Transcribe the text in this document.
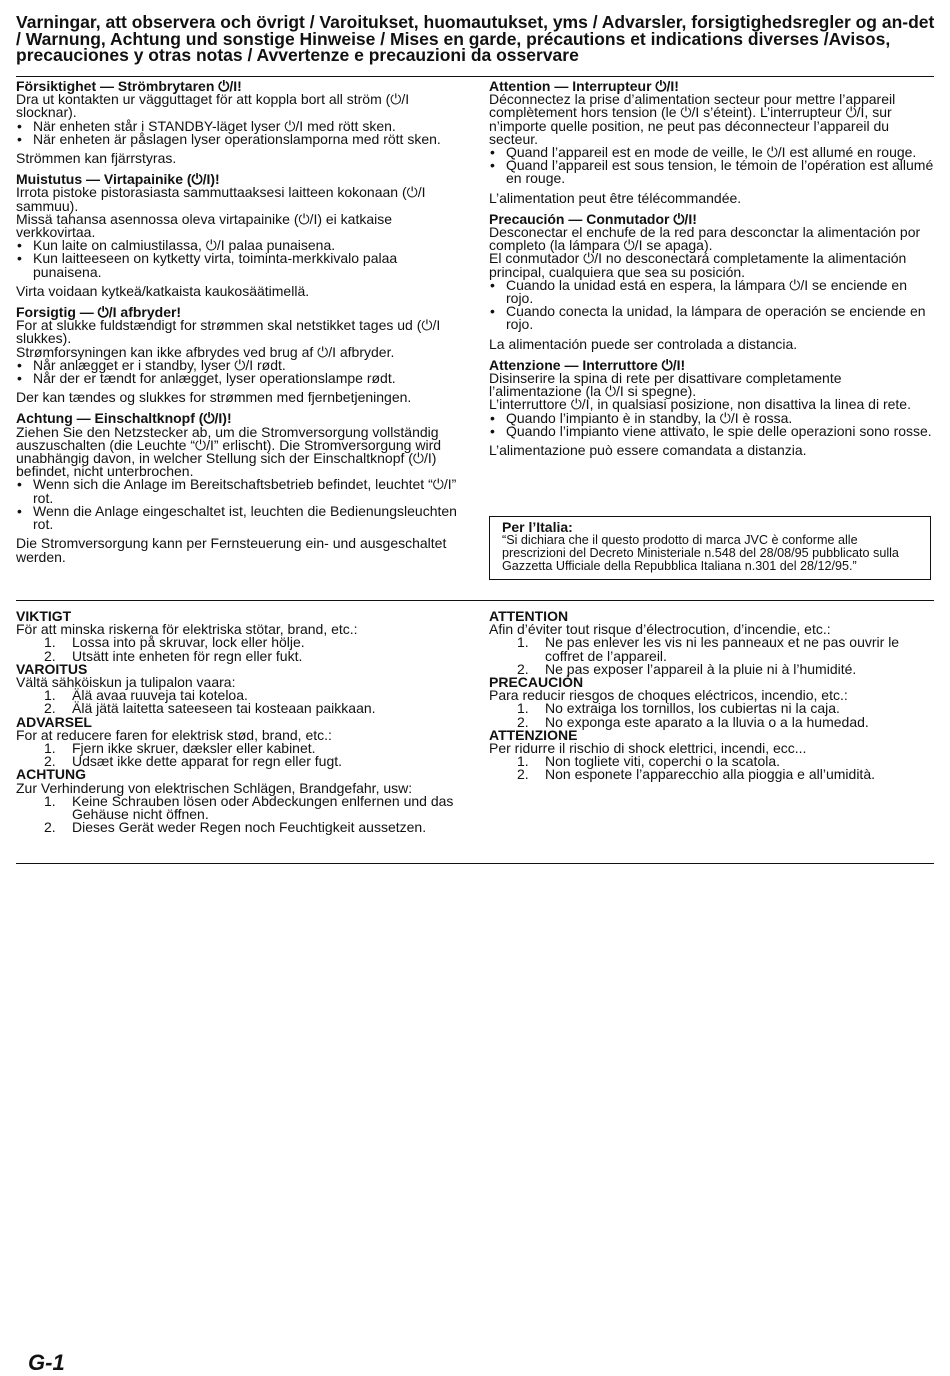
Varningar, att observera och övrigt / Varoitukset, huomautukset, yms / Advarsler, forsigtighedsregler og an-det / Warnung, Achtung und sonstige Hinweise / Mises en garde, précautions et indications diverses /Avisos, precauciones y otras notas / Avvertenze e precauzioni da osservare
Försiktighet — Strömbrytaren ⏻/I!
Dra ut kontakten ur vägguttaget för att koppla bort all ström (⏻/I slocknar).
• När enheten står i STANDBY-läget lyser ⏻/I med rött sken.
• När enheten är påslagen lyser operationslamporna med rött sken.
Strömmen kan fjärrstyras.
Muistutus — Virtapainike (⏻/I)!
Irrota pistoke pistorasiasta sammuttaaksesi laitteen kokonaan (⏻/I sammuu).
Missä tahansa asennossa oleva virtapainike (⏻/I) ei katkaise verkkovirtaa.
• Kun laite on calmiustilassa, ⏻/I palaa punaisena.
• Kun laitteeseen on kytketty virta, toiminta-merkkivalo palaa punaisena.
Virta voidaan kytkeä/katkaista kaukosäätimellä.
Forsigtig — ⏻/I afbryder!
For at slukke fuldstændigt for strømmen skal netstikket tages ud (⏻/I slukkes).
Strømforsyningen kan ikke afbrydes ved brug af ⏻/I afbryder.
• Når anlægget er i standby, lyser ⏻/I rødt.
• Når der er tændt for anlægget, lyser operationslampe rødt.
Der kan tændes og slukkes for strømmen med fjernbetjeningen.
Achtung — Einschaltknopf (⏻/I)!
Ziehen Sie den Netzstecker ab, um die Stromversorgung vollständig auszuschalten (die Leuchte “⏻/I” erlischt). Die Stromversorgung wird unabhängig davon, in welcher Stellung sich der Einschaltknopf (⏻/I) befindet, nicht unterbrochen.
• Wenn sich die Anlage im Bereitschaftsbetrieb befindet, leuchtet “⏻/I” rot.
• Wenn die Anlage eingeschaltet ist, leuchten die Bedienungsleuchten rot.
Die Stromversorgung kann per Fernsteuerung ein- und ausgeschaltet werden.
Attention — Interrupteur ⏻/I!
Déconnectez la prise d’alimentation secteur pour mettre l’appareil complètement hors tension (le ⏻/I s’éteint). L’interrupteur ⏻/I, sur n’importe quelle position, ne peut pas déconnecteur l’appareil du secteur.
• Quand l’appareil est en mode de veille, le ⏻/I est allumé en rouge.
• Quand l’appareil est sous tension, le témoin de l’opération est allumé en rouge.
L’alimentation peut être télécommandée.
Precaución — Conmutador ⏻/I!
Desconectar el enchufe de la red para desconctar la alimentación por completo (la lámpara ⏻/I se apaga).
El conmutador ⏻/I no desconectará completamente la alimentación principal, cualquiera que sea su posición.
• Cuando la unidad está en espera, la lámpara ⏻/I se enciende en rojo.
• Cuando conecta la unidad, la lámpara de operación se enciende en rojo.
La alimentación puede ser controlada a distancia.
Attenzione — Interruttore ⏻/I!
Disinserire la spina di rete per disattivare completamente l’alimentazione (la ⏻/I si spegne).
L’interruttore ⏻/I, in qualsiasi posizione, non disattiva la linea di rete.
• Quando l’impianto è in standby, la ⏻/I è rossa.
• Quando l’impianto viene attivato, le spie delle operazioni sono rosse.
L’alimentazione può essere comandata a distanzia.
Per l’Italia:
“Si dichiara che il questo prodotto di marca JVC è conforme alle prescrizioni del Decreto Ministeriale n.548 del 28/08/95 pubblicato sulla Gazzetta Ufficiale della Repubblica Italiana n.301 del 28/12/95.”
VIKTIGT
För att minska riskerna för elektriska stötar, brand, etc.:
1. Lossa into på skruvar, lock eller hölje.
2. Utsätt inte enheten för regn eller fukt.
VAROITUS
Vältä sähköiskun ja tulipalon vaara:
1. Älä avaa ruuveja tai koteloa.
2. Älä jätä laitetta sateeseen tai kosteaan paikkaan.
ADVARSEL
For at reducere faren for elektrisk stød, brand, etc.:
1. Fjern ikke skruer, dæksler eller kabinet.
2. Udsæt ikke dette apparat for regn eller fugt.
ACHTUNG
Zur Verhinderung von elektrischen Schlägen, Brandgefahr, usw:
1. Keine Schrauben lösen oder Abdeckungen enlfernen und das Gehäuse nicht öffnen.
2. Dieses Gerät weder Regen noch Feuchtigkeit aussetzen.
ATTENTION
Afin d’éviter tout risque d’électrocution, d’incendie, etc.:
1. Ne pas enlever les vis ni les panneaux et ne pas ouvrir le coffret de l’appareil.
2. Ne pas exposer l’appareil à la pluie ni à l’humidité.
PRECAUCIÓN
Para reducir riesgos de choques eléctricos, incendio, etc.:
1. No extraiga los tornillos, los cubiertas ni la caja.
2. No exponga este aparato a la lluvia o a la humedad.
ATTENZIONE
Per ridurre il rischio di shock elettrici, incendi, ecc...
1. Non togliete viti, coperchi o la scatola.
2. Non esponete l’apparecchio alla pioggia e all’umidità.
G-1
